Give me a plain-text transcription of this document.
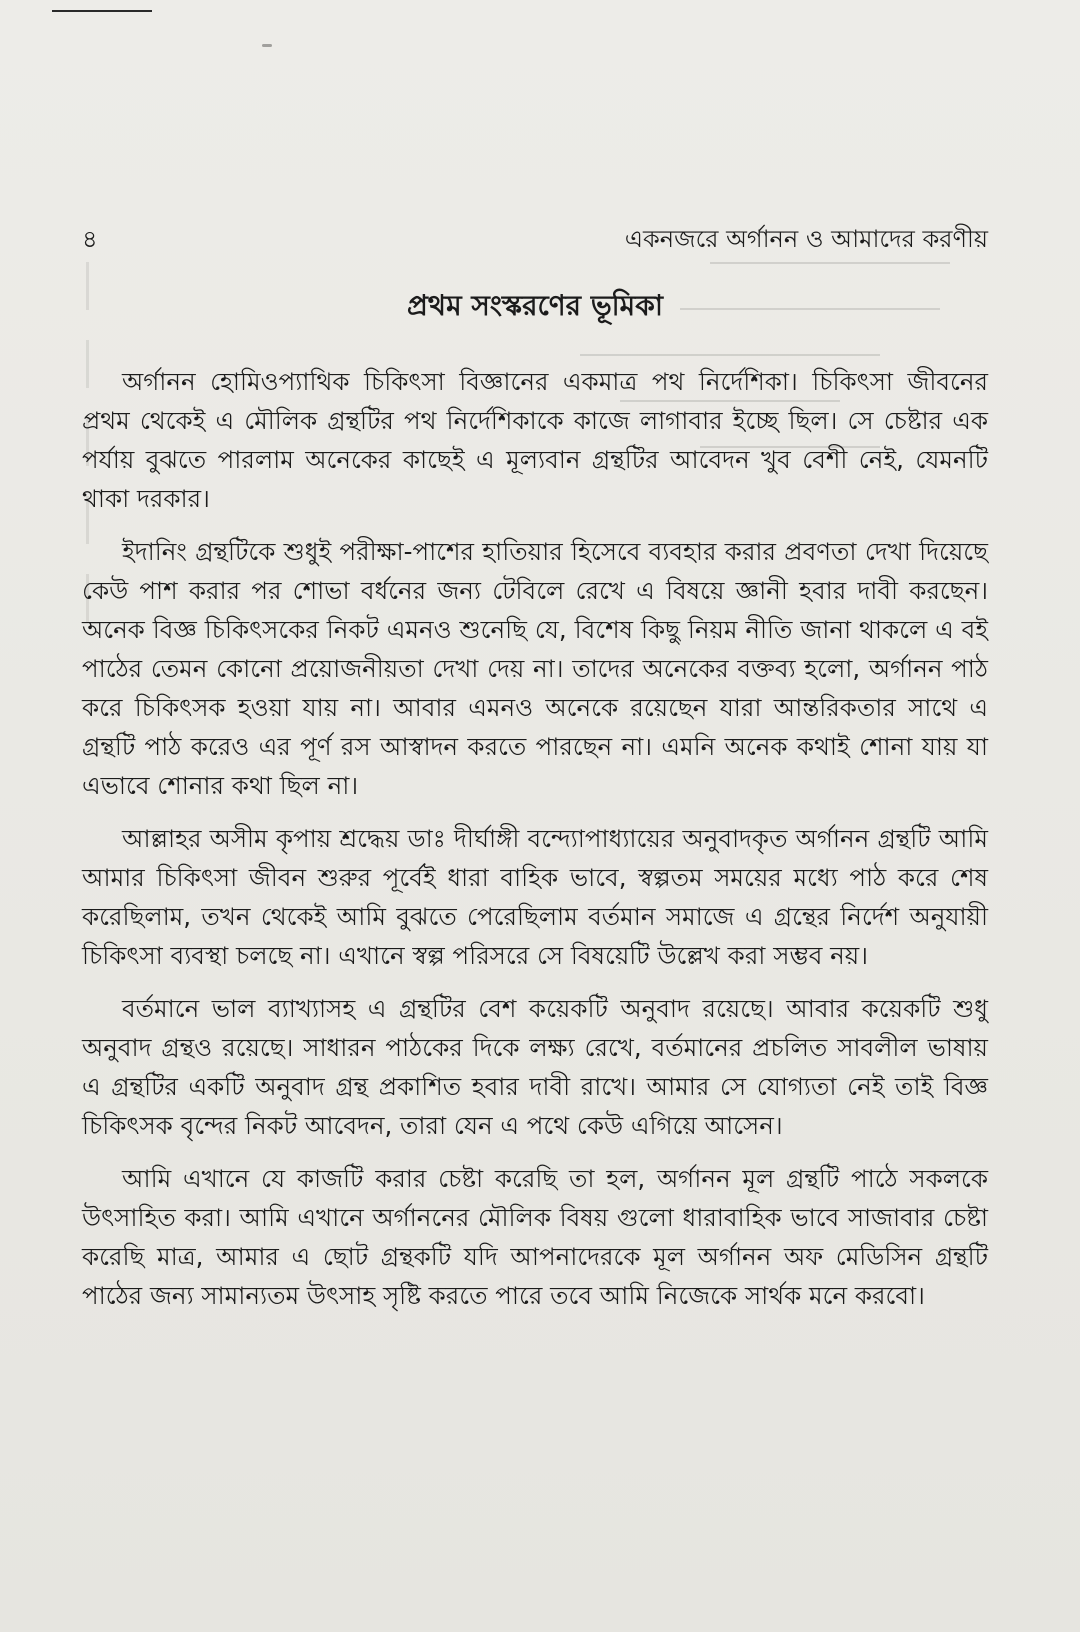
৪	একনজরে অর্গানন ও আমাদের করণীয়
প্রথম সংস্করণের ভূমিকা

অর্গানন হোমিওপ্যাথিক চিকিৎসা বিজ্ঞানের একমাত্র পথ নির্দেশিকা। চিকিৎসা জীবনের প্রথম থেকেই এ মৌলিক গ্রন্থটির পথ নির্দেশিকাকে কাজে লাগাবার ইচ্ছে ছিল। সে চেষ্টার এক পর্যায় বুঝতে পারলাম অনেকের কাছেই এ মূল্যবান গ্রন্থটির আবেদন খুব বেশী নেই, যেমনটি থাকা দরকার।

ইদানিং গ্রন্থটিকে শুধুই পরীক্ষা-পাশের হাতিয়ার হিসেবে ব্যবহার করার প্রবণতা দেখা দিয়েছে কেউ পাশ করার পর শোভা বর্ধনের জন্য টেবিলে রেখে এ বিষয়ে জ্ঞানী হবার দাবী করছেন। অনেক বিজ্ঞ চিকিৎসকের নিকট এমনও শুনেছি যে, বিশেষ কিছু নিয়ম নীতি জানা থাকলে এ বই পাঠের তেমন কোনো প্রয়োজনীয়তা দেখা দেয় না। তাদের অনেকের বক্তব্য হলো, অর্গানন পাঠ করে চিকিৎসক হওয়া যায় না। আবার এমনও অনেকে রয়েছেন যারা আন্তরিকতার সাথে এ গ্রন্থটি পাঠ করেও এর পূর্ণ রস আস্বাদন করতে পারছেন না। এমনি অনেক কথাই শোনা যায় যা এভাবে শোনার কথা ছিল না।

আল্লাহর অসীম কৃপায় শ্রদ্ধেয় ডাঃ দীর্ঘাঙ্গী বন্দ্যোপাধ্যায়ের অনুবাদকৃত অর্গানন গ্রন্থটি আমি আমার চিকিৎসা জীবন শুরুর পূর্বেই ধারা বাহিক ভাবে, স্বল্পতম সময়ের মধ্যে পাঠ করে শেষ করেছিলাম, তখন থেকেই আমি বুঝতে পেরেছিলাম বর্তমান সমাজে এ গ্রন্থের নির্দেশ অনুযায়ী চিকিৎসা ব্যবস্থা চলছে না। এখানে স্বল্প পরিসরে সে বিষয়েটি উল্লেখ করা সম্ভব নয়।

বর্তমানে ভাল ব্যাখ্যাসহ এ গ্রন্থটির বেশ কয়েকটি অনুবাদ রয়েছে। আবার কয়েকটি শুধু অনুবাদ গ্রন্থও রয়েছে। সাধারন পাঠকের দিকে লক্ষ্য রেখে, বর্তমানের প্রচলিত সাবলীল ভাষায় এ গ্রন্থটির একটি অনুবাদ গ্রন্থ প্রকাশিত হবার দাবী রাখে। আমার সে যোগ্যতা নেই তাই বিজ্ঞ চিকিৎসক বৃন্দের নিকট আবেদন, তারা যেন এ পথে কেউ এগিয়ে আসেন।

আমি এখানে যে কাজটি করার চেষ্টা করেছি তা হল, অর্গানন মূল গ্রন্থটি পাঠে সকলকে উৎসাহিত করা। আমি এখানে অর্গাননের মৌলিক বিষয় গুলো ধারাবাহিক ভাবে সাজাবার চেষ্টা করেছি মাত্র, আমার এ ছোট গ্রন্থকটি যদি আপনাদেরকে মূল অর্গানন অফ মেডিসিন গ্রন্থটি পাঠের জন্য সামান্যতম উৎসাহ সৃষ্টি করতে পারে তবে আমি নিজেকে সার্থক মনে করবো।
